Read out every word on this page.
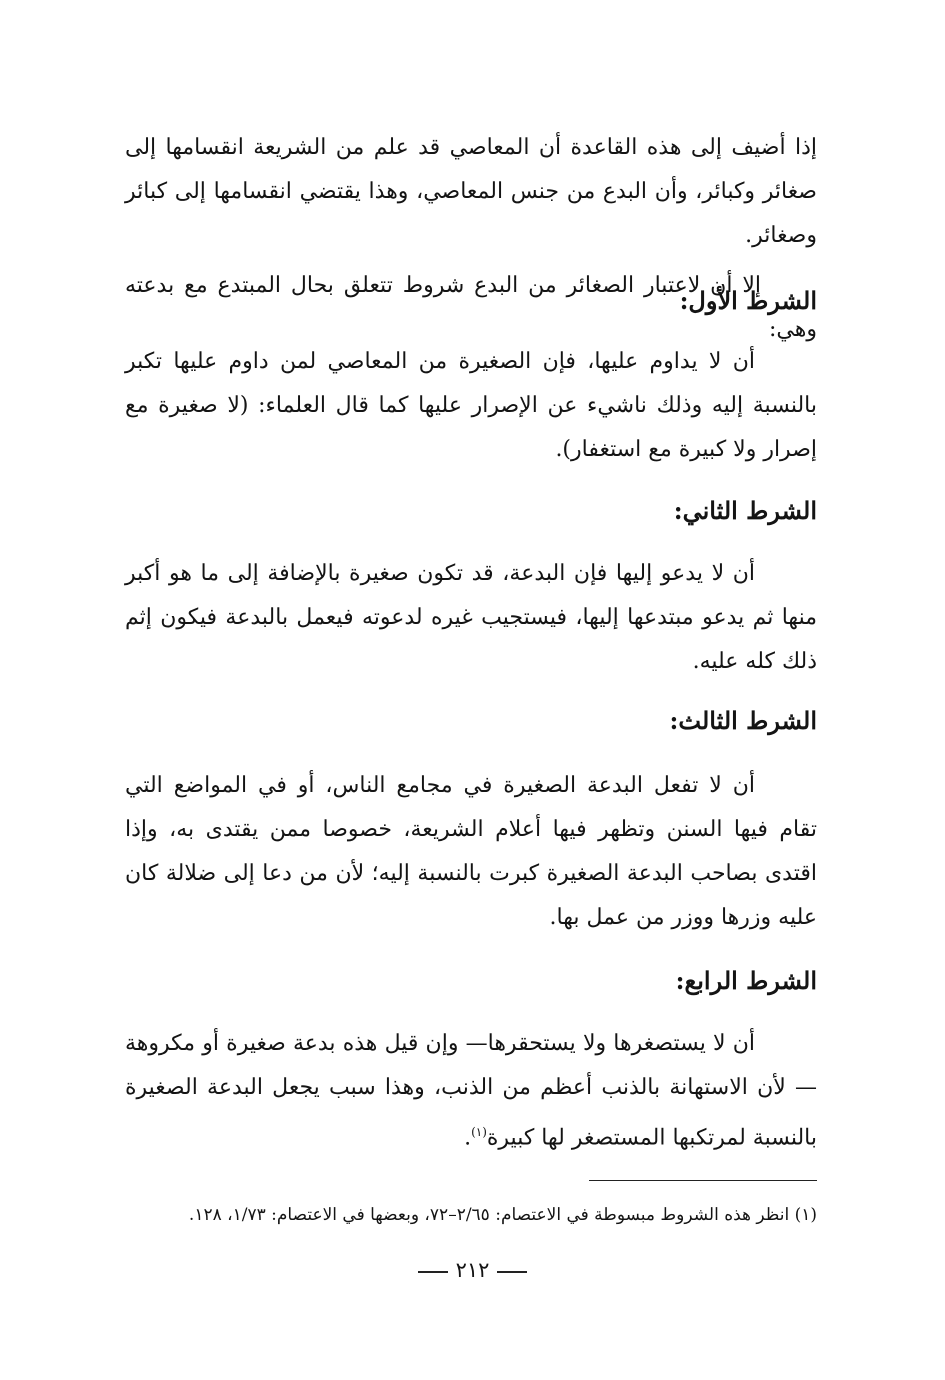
إذا أضيف إلى هذه القاعدة أن المعاصي قد علم من الشريعة انقسامها إلى صغائر وكبائر، وأن البدع من جنس المعاصي، وهذا يقتضي انقسامها إلى كبائر وصغائر.
إلا أن لاعتبار الصغائر من البدع شروط تتعلق بحال المبتدع مع بدعته وهي:
الشرط الأول:
أن لا يداوم عليها، فإن الصغيرة من المعاصي لمن داوم عليها تكبر بالنسبة إليه وذلك ناشيء عن الإصرار عليها كما قال العلماء: (لا صغيرة مع إصرار ولا كبيرة مع استغفار).
الشرط الثاني:
أن لا يدعو إليها فإن البدعة، قد تكون صغيرة بالإضافة إلى ما هو أكبر منها ثم يدعو مبتدعها إليها، فيستجيب غيره لدعوته فيعمل بالبدعة فيكون إثم ذلك كله عليه.
الشرط الثالث:
أن لا تفعل البدعة الصغيرة في مجامع الناس، أو في المواضع التي تقام فيها السنن وتظهر فيها أعلام الشريعة، خصوصا ممن يقتدى به، وإذا اقتدى بصاحب البدعة الصغيرة كبرت بالنسبة إليه؛ لأن من دعا إلى ضلالة كان عليه وزرها ووزر من عمل بها.
الشرط الرابع:
أن لا يستصغرها ولا يستحقرها— وإن قيل هذه بدعة صغيرة أو مكروهة— لأن الاستهانة بالذنب أعظم من الذنب، وهذا سبب يجعل البدعة الصغيرة بالنسبة لمرتكبها المستصغر لها كبيرة$^{(١)}$.
(١) انظر هذه الشروط مبسوطة في الاعتصام: ٢/٦٥–٧٢، وبعضها في الاعتصام: ١/٧٣، ١٢٨.
٢١٢
